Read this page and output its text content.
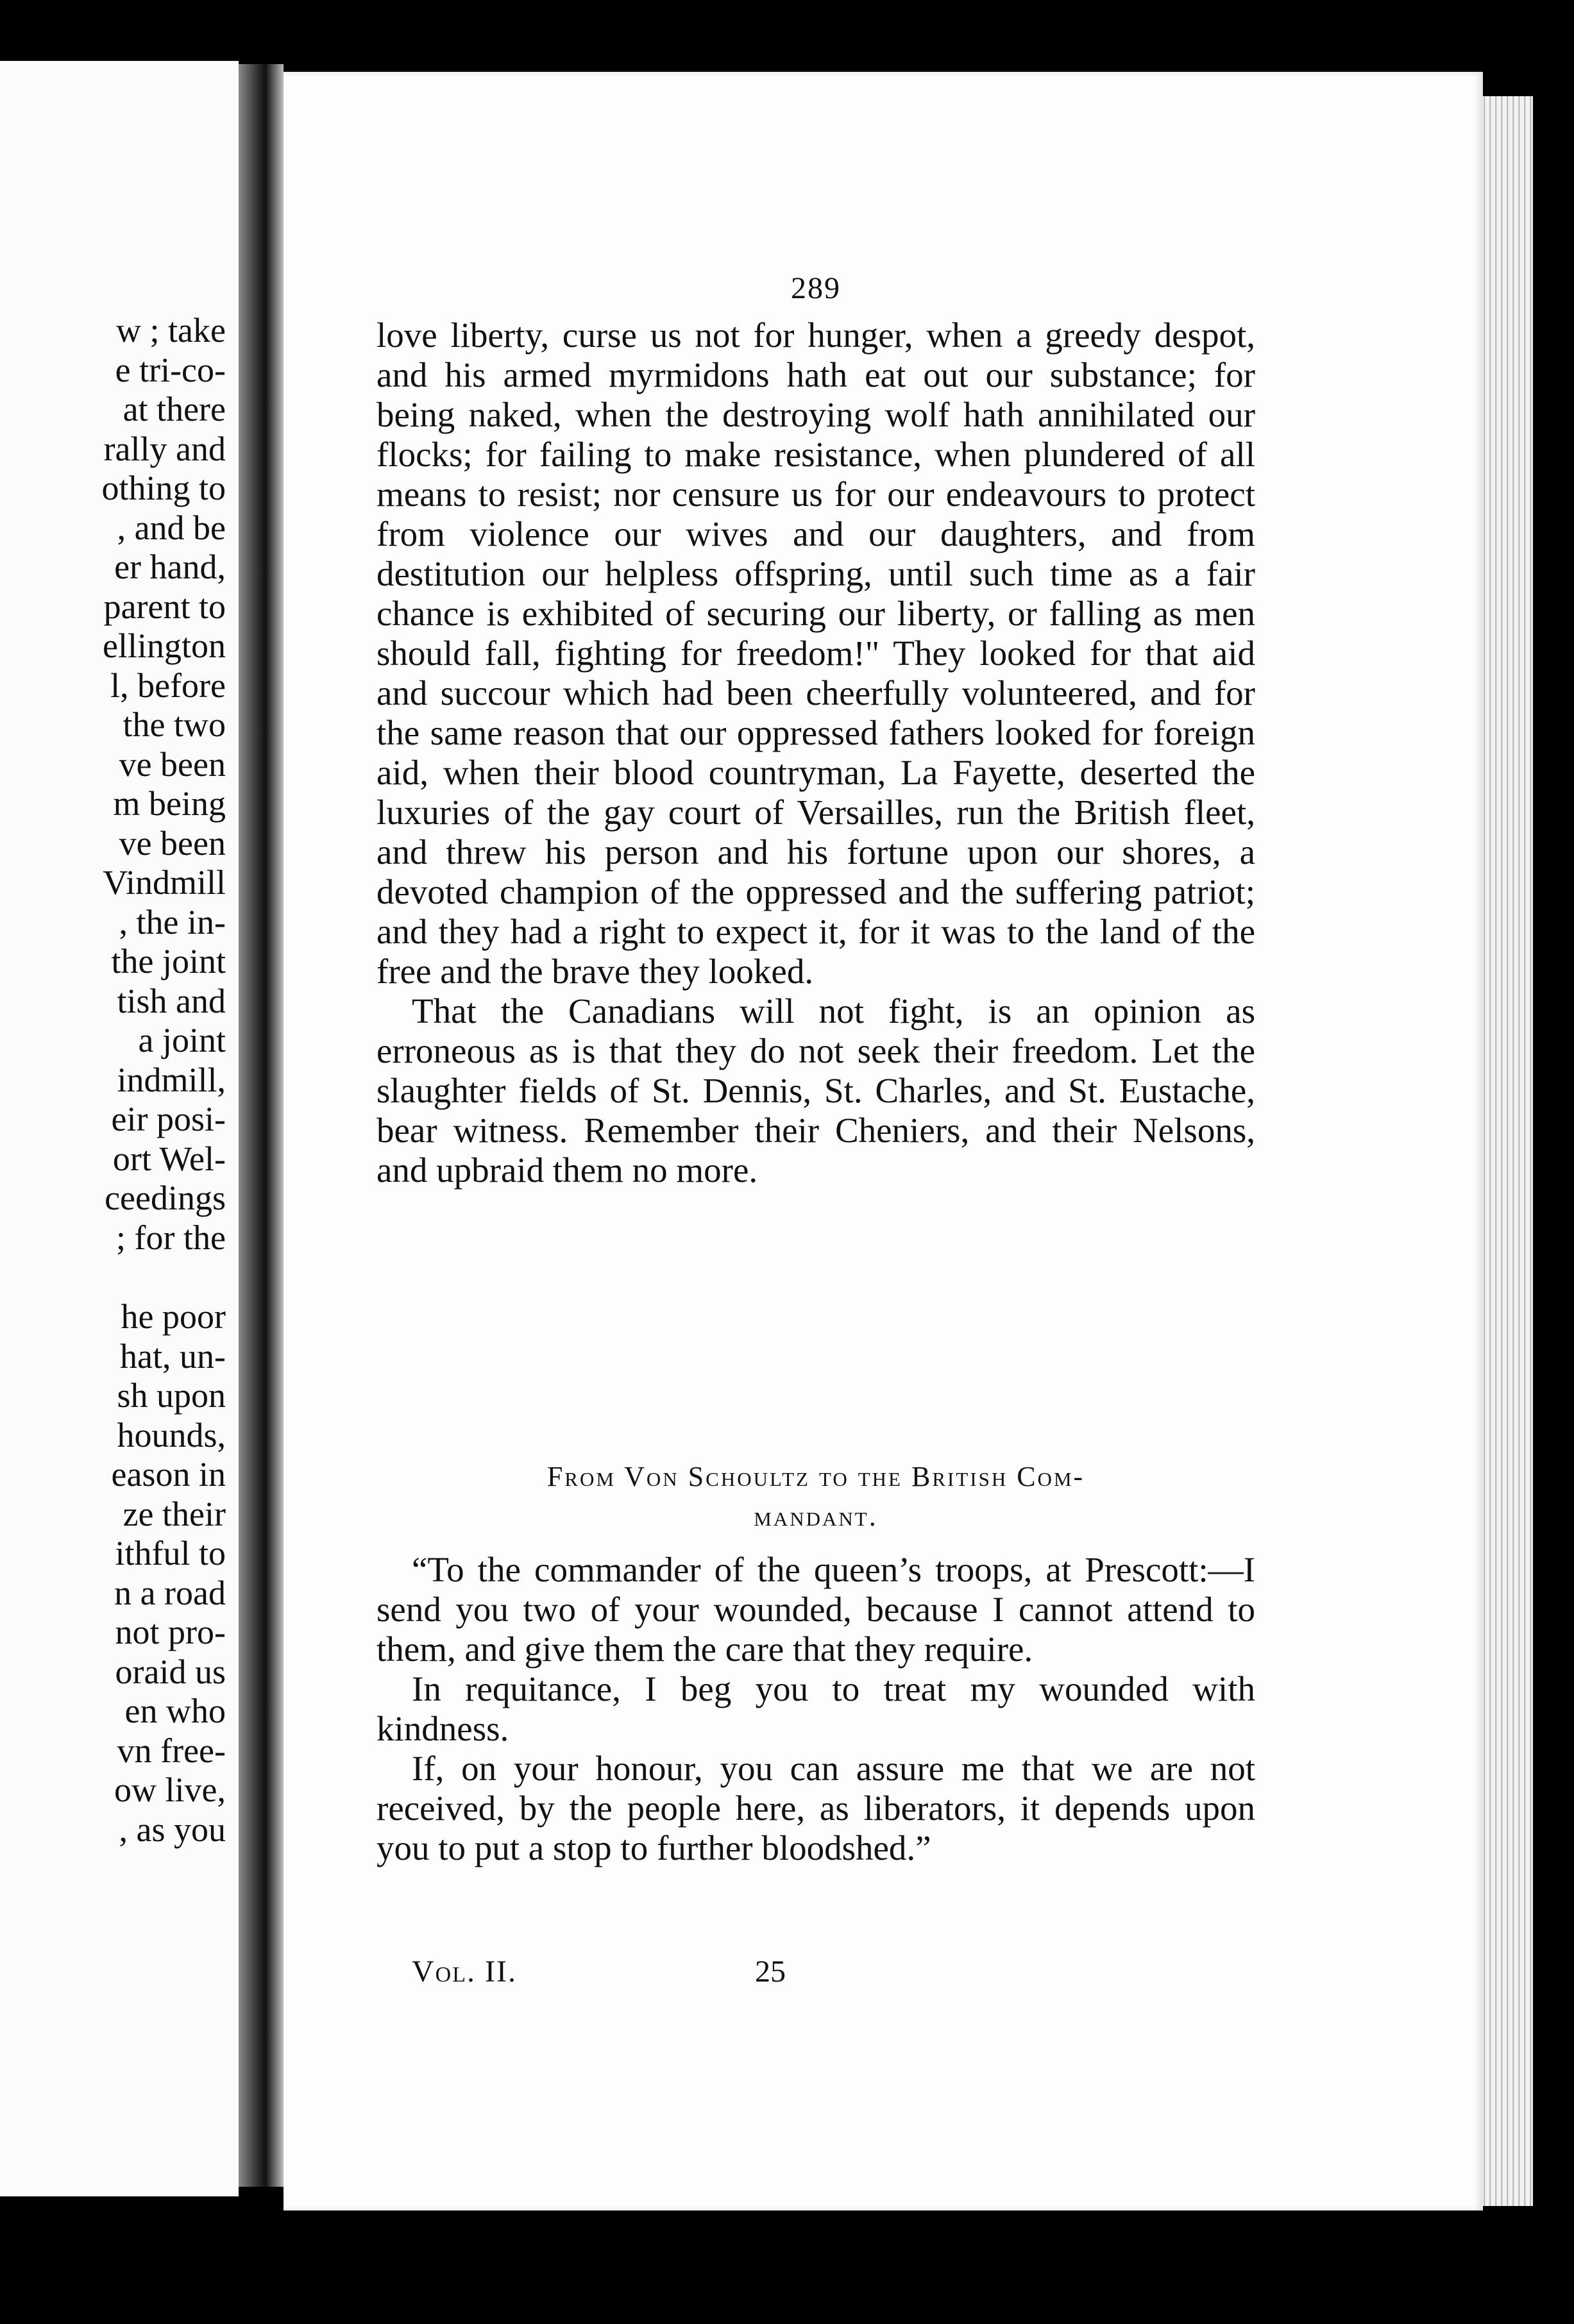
w ; take
e tri-co-
at there
rally and
othing to
, and be
er hand,
parent to
ellington
l, before
the two
ve been
m being
ve been
Vindmill
, the in-
the joint
tish and
a joint
indmill,
eir posi-
ort Wel-
ceedings
; for the
he poor
hat, un-
sh upon
hounds,
eason in
ze their
ithful to
n a road
not pro-
oraid us
en who
vn free-
ow live,
, as you
289

love liberty, curse us not for hunger, when a greedy despot, and his armed myrmidons hath eat out our substance; for being naked, when the destroying wolf hath annihilated our flocks; for failing to make resistance, when plundered of all means to resist; nor censure us for our endeavours to protect from violence our wives and our daughters, and from destitution our helpless offspring, until such time as a fair chance is exhibited of securing our liberty, or falling as men should fall, fighting for freedom!" They looked for that aid and succour which had been cheerfully volunteered, and for the same reason that our oppressed fathers looked for foreign aid, when their blood countryman, La Fayette, deserted the luxuries of the gay court of Versailles, run the British fleet, and threw his person and his fortune upon our shores, a devoted champion of the oppressed and the suffering patriot; and they had a right to expect it, for it was to the land of the free and the brave they looked.

That the Canadians will not fight, is an opinion as erroneous as is that they do not seek their freedom. Let the slaughter fields of St. Dennis, St. Charles, and St. Eustache, bear witness. Remember their Cheniers, and their Nelsons, and upbraid them no more.

From Von Schoultz to the British Com-
mandant.

“To the commander of the queen’s troops, at Prescott:—I send you two of your wounded, because I cannot attend to them, and give them the care that they require.

In requitance, I beg you to treat my wounded with kindness.

If, on your honour, you can assure me that we are not received, by the people here, as liberators, it depends upon you to put a stop to further bloodshed.”

Vol. II.	25
